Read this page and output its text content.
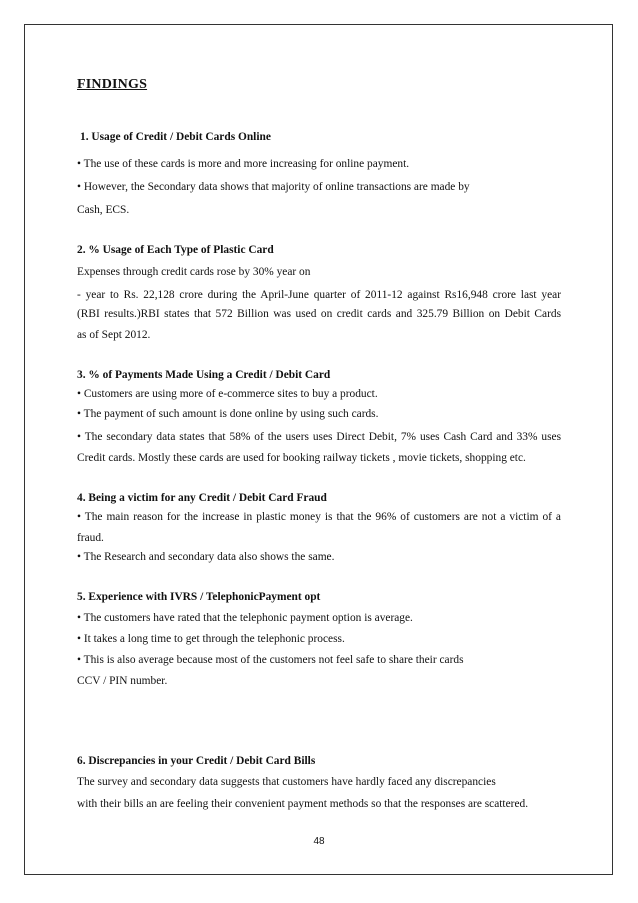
FINDINGS
1. Usage of Credit / Debit Cards Online
• The use of these cards is more and more increasing for online payment.
• However, the Secondary data shows that majority of online transactions are made by
Cash, ECS.
2. % Usage of Each Type of Plastic Card
Expenses through credit cards rose by 30% year on
- year to Rs. 22,128 crore during the April-June quarter of 2011-12 against Rs16,948 crore last year
(RBI results.)RBI states that 572 Billion was used on credit cards and 325.79 Billion on Debit Cards
as of Sept 2012.
3. % of Payments Made Using a Credit / Debit Card
• Customers are using more of e-commerce sites to buy a product.
• The payment of such amount is done online by using such cards.
• The secondary data states that 58% of the users uses Direct Debit, 7% uses Cash Card and 33% uses
Credit cards. Mostly these cards are used for booking railway tickets , movie tickets, shopping etc.
4. Being a victim for any Credit / Debit Card Fraud
• The main reason for the increase in plastic money is that the 96% of customers are not a victim of a
fraud.
• The Research and secondary data also shows the same.
5. Experience with IVRS / TelephonicPayment opt
• The customers have rated that the telephonic payment option is average.
• It takes a long time to get through the telephonic process.
• This is also average because most of the customers not feel safe to share their cards
CCV / PIN number.
6. Discrepancies in your Credit / Debit Card Bills
The survey and secondary data suggests that customers have hardly faced any discrepancies
with their bills an are feeling their convenient payment methods so that the responses are scattered.
48
